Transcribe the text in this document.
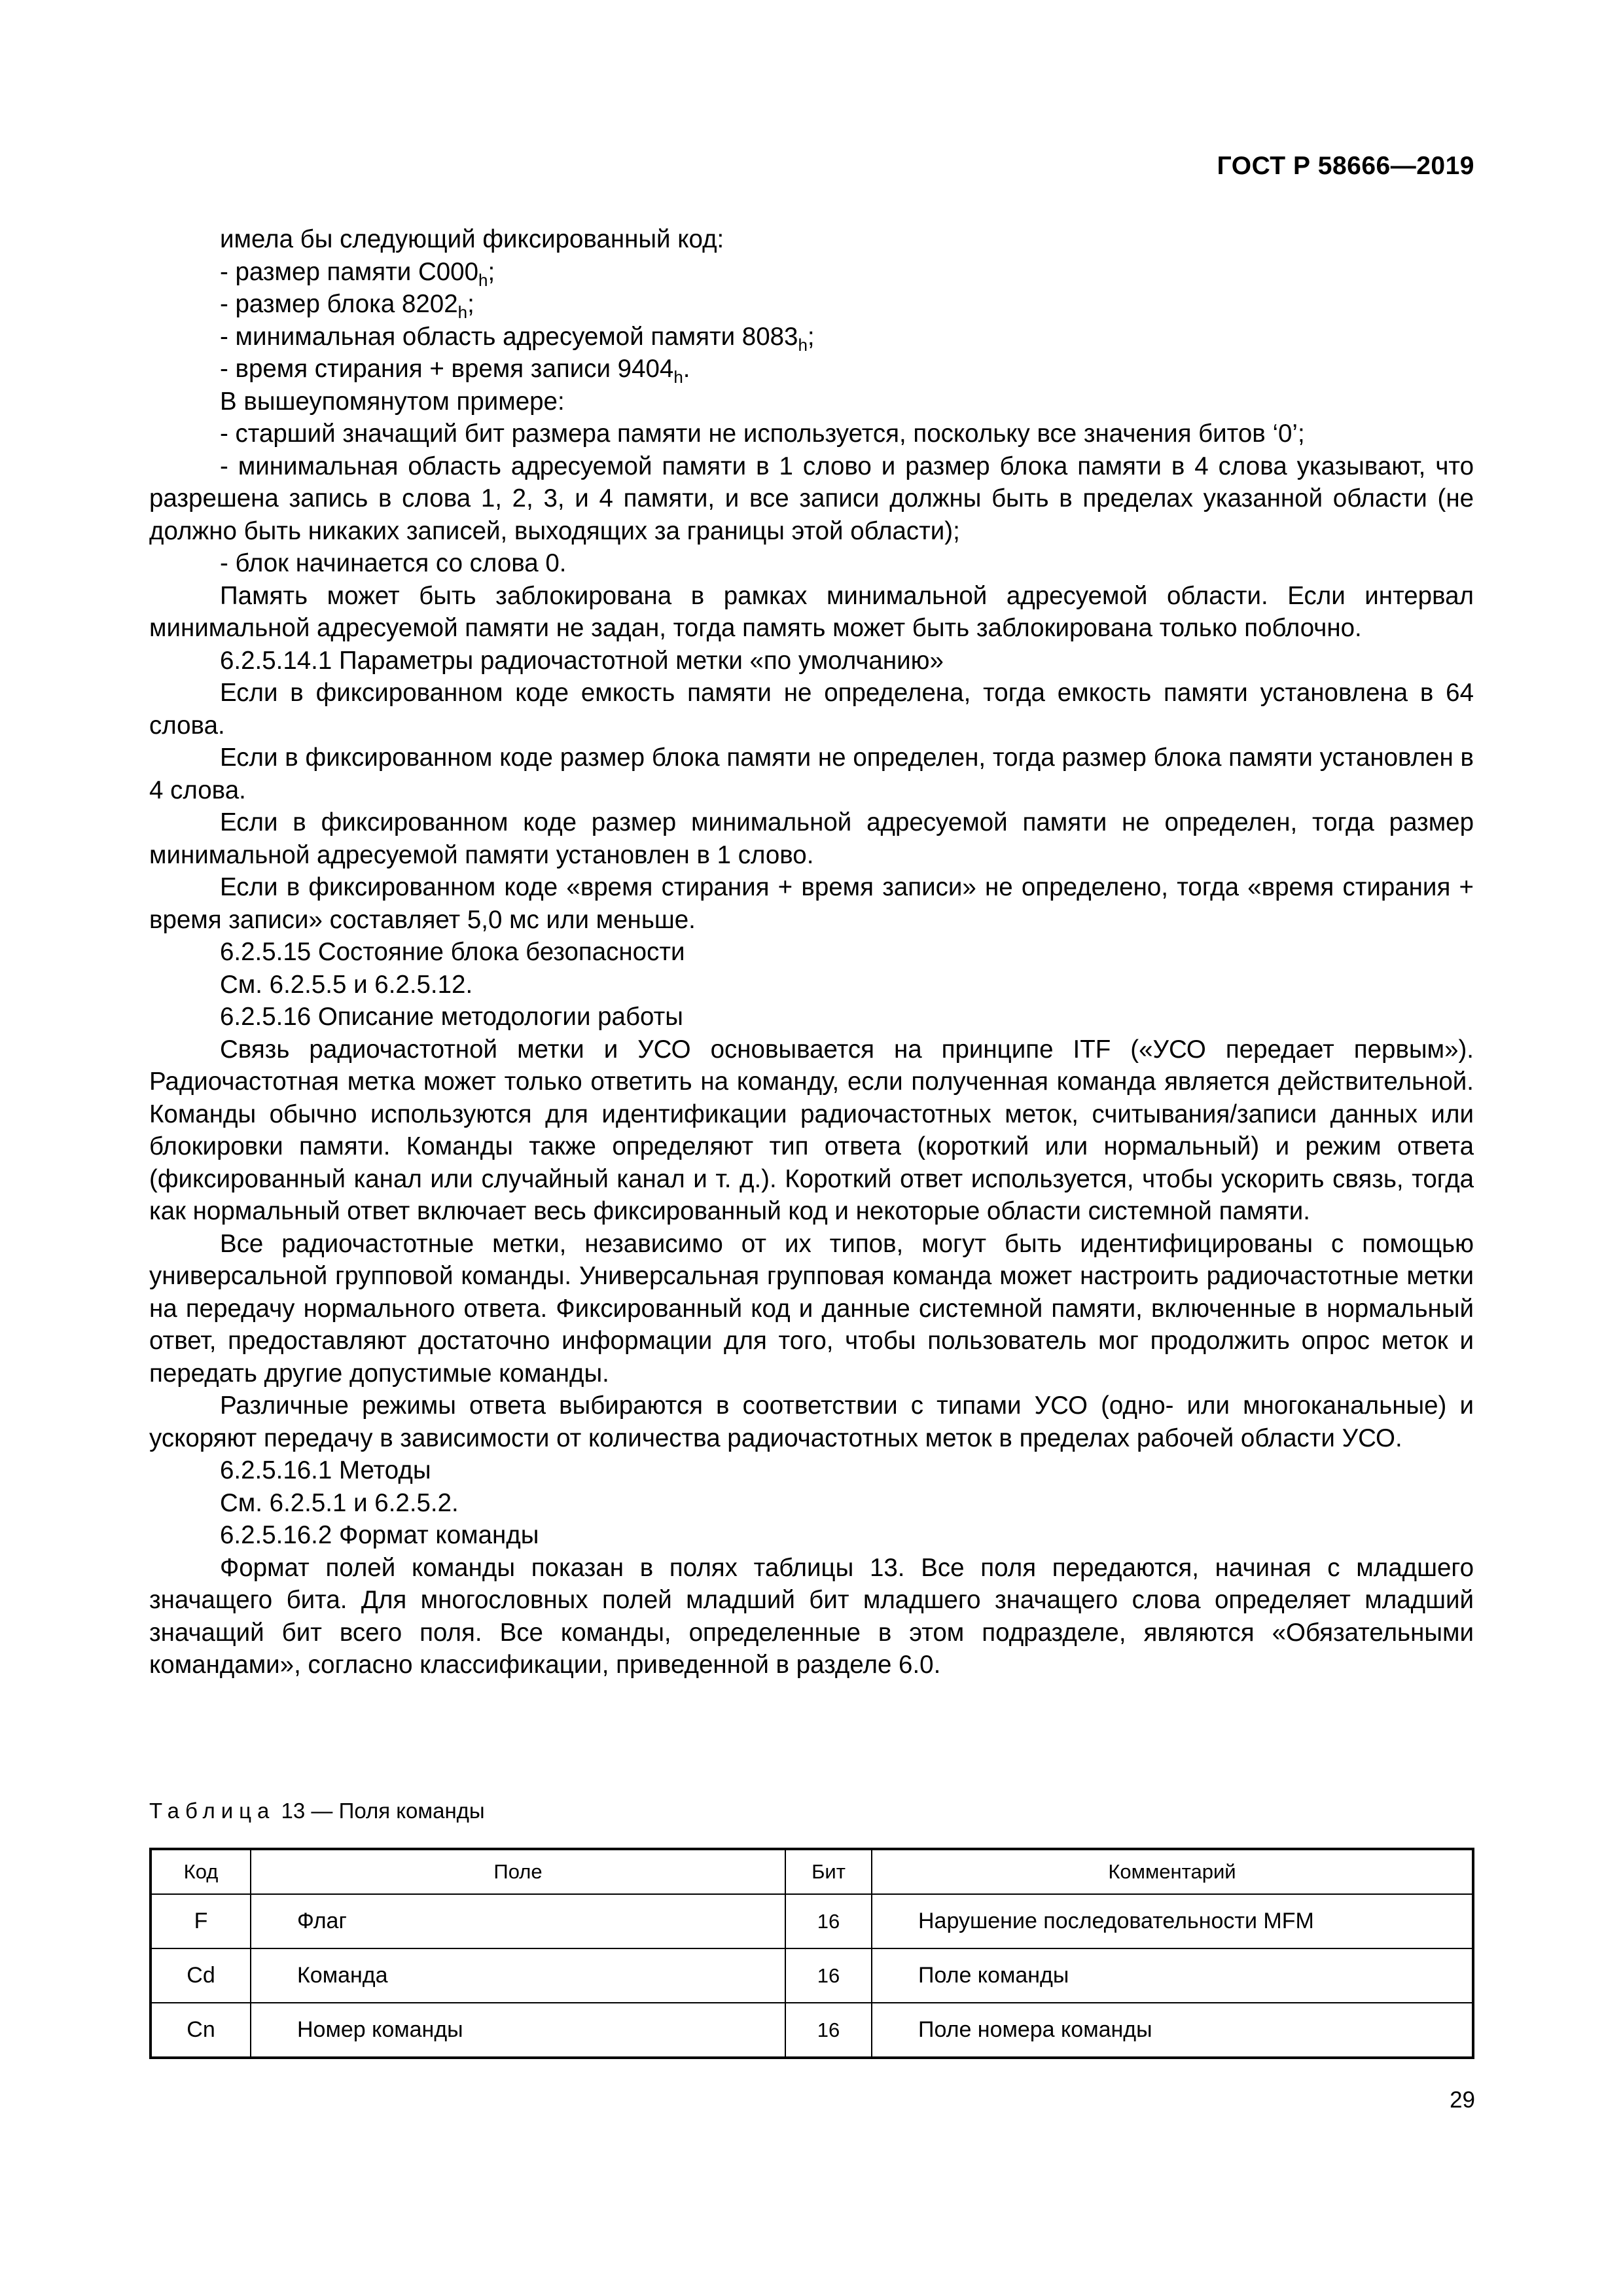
ГОСТ Р 58666—2019

имела бы следующий фиксированный код:

- размер памяти $С000_h$;

- размер блока $8202_h$;

- минимальная область адресуемой памяти $8083_h$;

- время стирания + время записи $9404_h$.

В вышеупомянутом примере:

- старший значащий бит размера памяти не используется, поскольку все значения битов ‘0’;

- минимальная область адресуемой памяти в 1 слово и размер блока памяти в 4 слова указывают, что разрешена запись в слова 1, 2, 3, и 4 памяти, и все записи должны быть в пределах указанной области (не должно быть никаких записей, выходящих за границы этой области);

- блок начинается со слова 0.

Память может быть заблокирована в рамках минимальной адресуемой области. Если интервал минимальной адресуемой памяти не задан, тогда память может быть заблокирована только поблочно.

6.2.5.14.1 Параметры радиочастотной метки «по умолчанию»

Если в фиксированном коде емкость памяти не определена, тогда емкость памяти установлена в 64 слова.

Если в фиксированном коде размер блока памяти не определен, тогда размер блока памяти установлен в 4 слова.

Если в фиксированном коде размер минимальной адресуемой памяти не определен, тогда размер минимальной адресуемой памяти установлен в 1 слово.

Если в фиксированном коде «время стирания + время записи» не определено, тогда «время стирания + время записи» составляет 5,0 мс или меньше.

6.2.5.15 Состояние блока безопасности

См. 6.2.5.5 и 6.2.5.12.

6.2.5.16 Описание методологии работы

Связь радиочастотной метки и УСО основывается на принципе ITF («УСО передает первым»). Радиочастотная метка может только ответить на команду, если полученная команда является действительной. Команды обычно используются для идентификации радиочастотных меток, считывания/записи данных или блокировки памяти. Команды также определяют тип ответа (короткий или нормальный) и режим ответа (фиксированный канал или случайный канал и т. д.). Короткий ответ используется, чтобы ускорить связь, тогда как нормальный ответ включает весь фиксированный код и некоторые области системной памяти.

Все радиочастотные метки, независимо от их типов, могут быть идентифицированы с помощью универсальной групповой команды. Универсальная групповая команда может настроить радиочастотные метки на передачу нормального ответа. Фиксированный код и данные системной памяти, включенные в нормальный ответ, предоставляют достаточно информации для того, чтобы пользователь мог продолжить опрос меток и передать другие допустимые команды.

Различные режимы ответа выбираются в соответствии с типами УСО (одно- или многоканальные) и ускоряют передачу в зависимости от количества радиочастотных меток в пределах рабочей области УСО.

6.2.5.16.1 Методы

См. 6.2.5.1 и 6.2.5.2.

6.2.5.16.2 Формат команды

Формат полей команды показан в полях таблицы 13. Все поля передаются, начиная с младшего значащего бита. Для многословных полей младший бит младшего значащего слова определяет младший значащий бит всего поля. Все команды, определенные в этом подразделе, являются «Обязательными командами», согласно классификации, приведенной в разделе 6.0.

Таблица 13 — Поля команды
Код	Поле	Бит	Комментарий
F	Флаг	16	Нарушение последовательности MFM
Cd	Команда	16	Поле команды
Cn	Номер команды	16	Поле номера команды
29
